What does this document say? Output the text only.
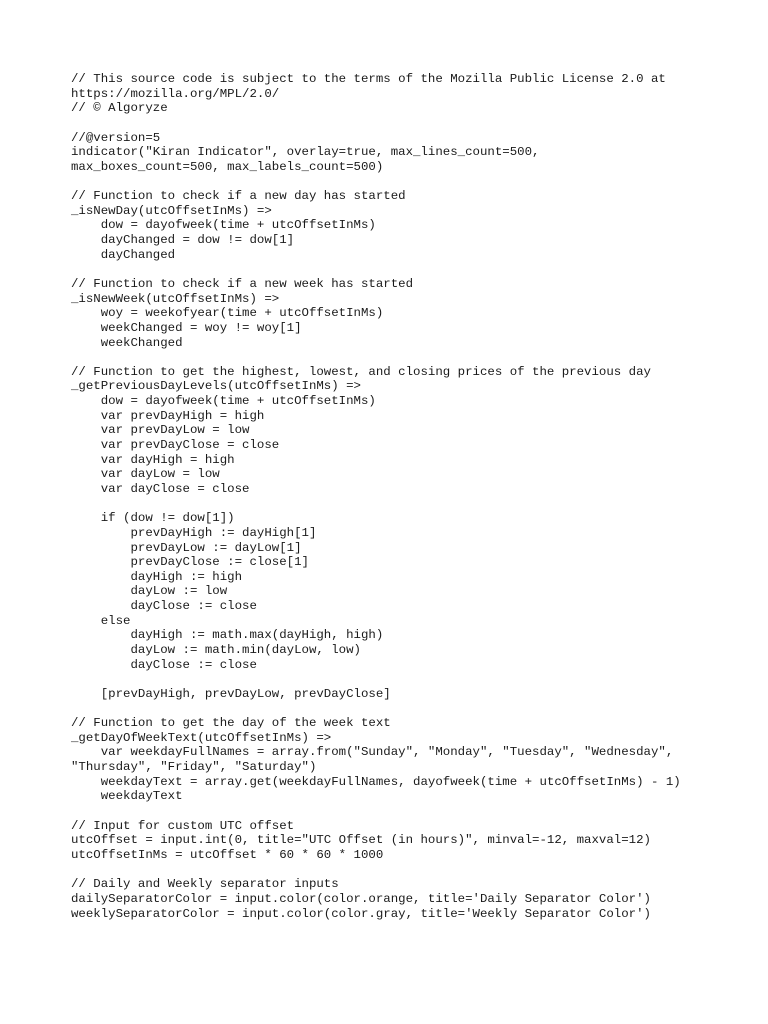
// This source code is subject to the terms of the Mozilla Public License 2.0 at
https://mozilla.org/MPL/2.0/
// © Algoryze
//@version=5
indicator("Kiran Indicator", overlay=true, max_lines_count=500,
max_boxes_count=500, max_labels_count=500)
// Function to check if a new day has started
_isNewDay(utcOffsetInMs) =>
dow = dayofweek(time + utcOffsetInMs)
dayChanged = dow != dow[1]
dayChanged
// Function to check if a new week has started
_isNewWeek(utcOffsetInMs) =>
woy = weekofyear(time + utcOffsetInMs)
weekChanged = woy != woy[1]
weekChanged
// Function to get the highest, lowest, and closing prices of the previous day
_getPreviousDayLevels(utcOffsetInMs) =>
dow = dayofweek(time + utcOffsetInMs)
var prevDayHigh = high
var prevDayLow = low
var prevDayClose = close
var dayHigh = high
var dayLow = low
var dayClose = close
if (dow != dow[1])
prevDayHigh := dayHigh[1]
prevDayLow := dayLow[1]
prevDayClose := close[1]
dayHigh := high
dayLow := low
dayClose := close
else
dayHigh := math.max(dayHigh, high)
dayLow := math.min(dayLow, low)
dayClose := close
[prevDayHigh, prevDayLow, prevDayClose]
// Function to get the day of the week text
_getDayOfWeekText(utcOffsetInMs) =>
var weekdayFullNames = array.from("Sunday", "Monday", "Tuesday", "Wednesday",
"Thursday", "Friday", "Saturday")
weekdayText = array.get(weekdayFullNames, dayofweek(time + utcOffsetInMs) - 1)
weekdayText
// Input for custom UTC offset
utcOffset = input.int(0, title="UTC Offset (in hours)", minval=-12, maxval=12)
utcOffsetInMs = utcOffset * 60 * 60 * 1000
// Daily and Weekly separator inputs
dailySeparatorColor = input.color(color.orange, title='Daily Separator Color')
weeklySeparatorColor = input.color(color.gray, title='Weekly Separator Color')
